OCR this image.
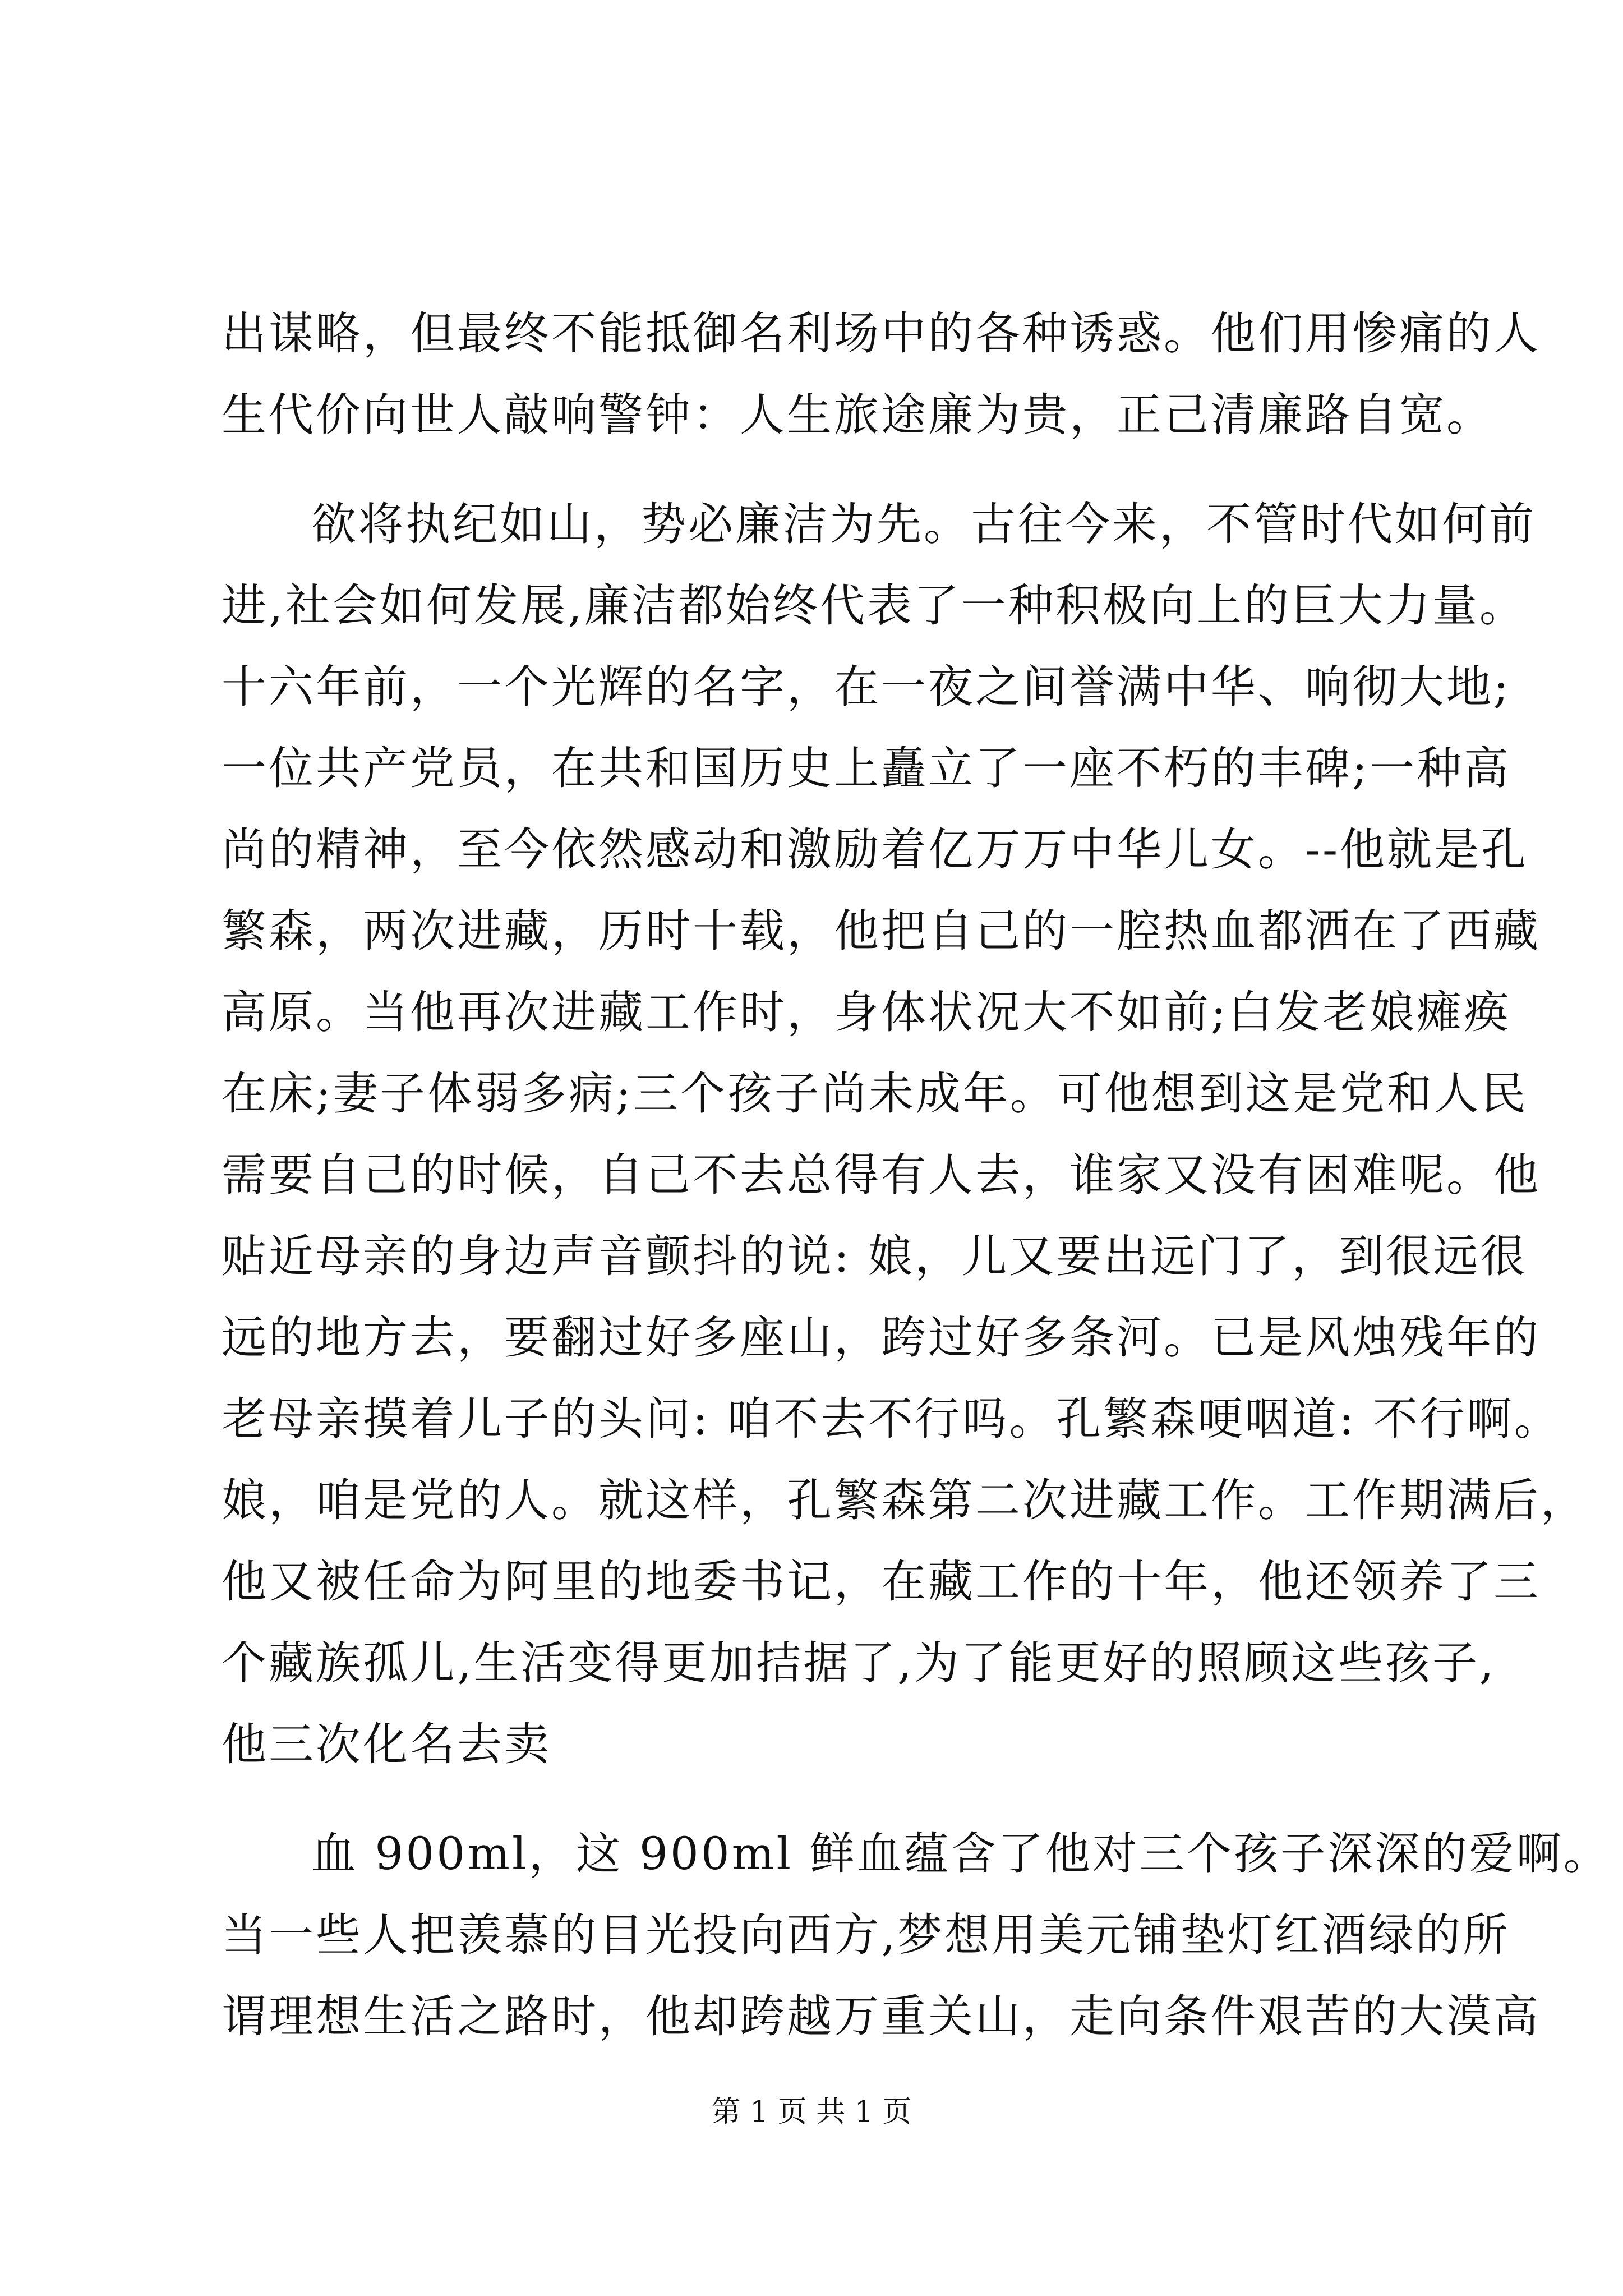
出谋略，但最终不能抵御名利场中的各种诱惑。他们用惨痛的人
生代价向世人敲响警钟：人生旅途廉为贵，正己清廉路自宽。
欲将执纪如山，势必廉洁为先。古往今来，不管时代如何前
进,社会如何发展,廉洁都始终代表了一种积极向上的巨大力量。
十六年前，一个光辉的名字，在一夜之间誉满中华、响彻大地;
一位共产党员，在共和国历史上矗立了一座不朽的丰碑;一种高
尚的精神，至今依然感动和激励着亿万万中华儿女。--他就是孔
繁森，两次进藏，历时十载，他把自己的一腔热血都洒在了西藏
高原。当他再次进藏工作时，身体状况大不如前;白发老娘瘫痪
在床;妻子体弱多病;三个孩子尚未成年。可他想到这是党和人民
需要自己的时候，自己不去总得有人去，谁家又没有困难呢。他
贴近母亲的身边声音颤抖的说: 娘，儿又要出远门了，到很远很
远的地方去，要翻过好多座山，跨过好多条河。已是风烛残年的
老母亲摸着儿子的头问: 咱不去不行吗。孔繁森哽咽道: 不行啊。
娘，咱是党的人。就这样，孔繁森第二次进藏工作。工作期满后，
他又被任命为阿里的地委书记，在藏工作的十年，他还领养了三
个藏族孤儿,生活变得更加拮据了,为了能更好的照顾这些孩子,
他三次化名去卖
血 900ml，这 900ml 鲜血蕴含了他对三个孩子深深的爱啊。
当一些人把羡慕的目光投向西方,梦想用美元铺垫灯红酒绿的所
谓理想生活之路时，他却跨越万重关山，走向条件艰苦的大漠高
第 1 页 共 1 页
